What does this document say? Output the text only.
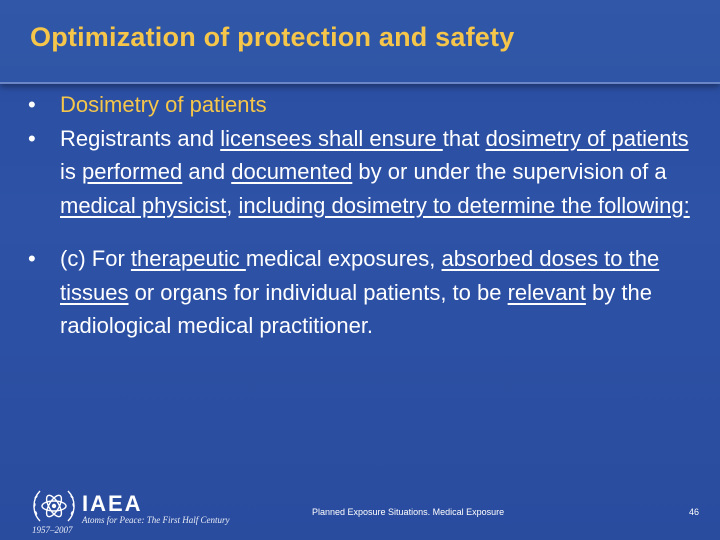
Optimization of protection and safety
• Dosimetry of patients
• Registrants and licensees shall ensure that dosimetry of patients is performed and documented by or under the supervision of a medical physicist, including dosimetry to determine the following:
• (c) For therapeutic medical exposures, absorbed doses to the tissues or organs for individual patients, to be relevant by the radiological medical practitioner.
IAEA
Atoms for Peace: The First Half Century
1957–2007
Planned Exposure Situations. Medical Exposure	46
